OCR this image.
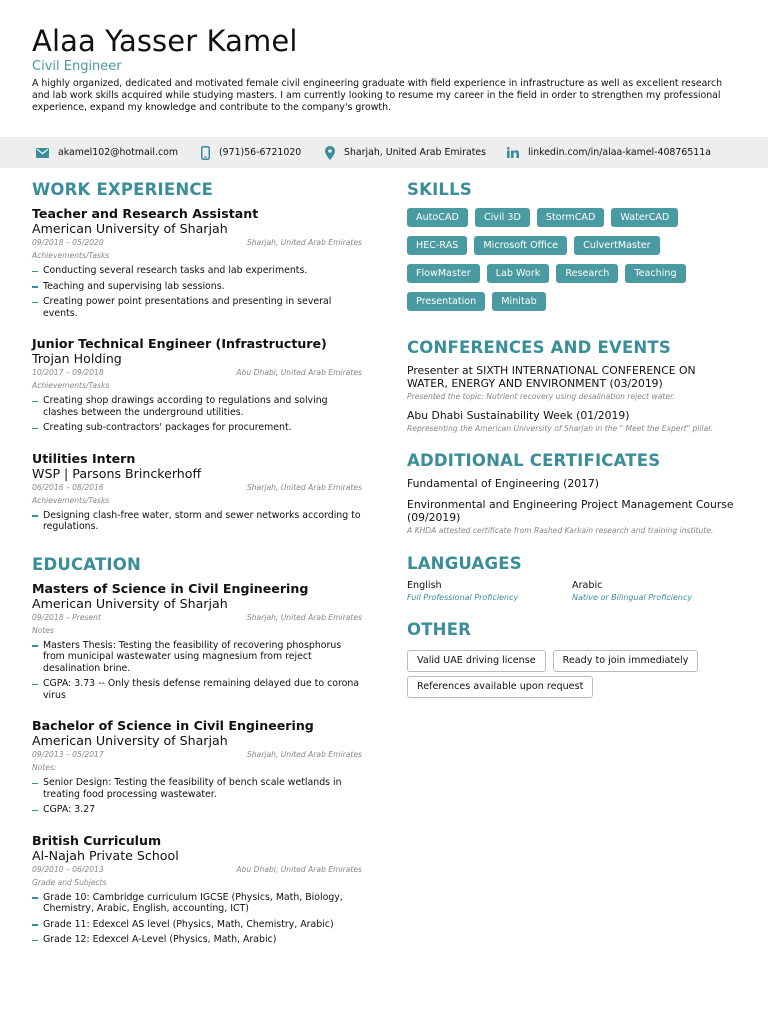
Alaa Yasser Kamel
Civil Engineer
A highly organized, dedicated and motivated female civil engineering graduate with field experience in infrastructure as well as excellent research and lab work skills acquired while studying masters. I am currently looking to resume my career in the field in order to strengthen my professional experience, expand my knowledge and contribute to the company's growth.
akamel102@hotmail.com	(971)56-6721020	Sharjah, United Arab Emirates	linkedin.com/in/alaa-kamel-40876511a
WORK EXPERIENCE
Teacher and Research Assistant
American University of Sharjah
09/2018 – 05/2020	Sharjah, United Arab Emirates
Achievements/Tasks
Conducting several research tasks and lab experiments.
Teaching and supervising lab sessions.
Creating power point presentations and presenting in several events.
Junior Technical Engineer (Infrastructure)
Trojan Holding
10/2017 – 09/2018	Abu Dhabi, United Arab Emirates
Achievements/Tasks
Creating shop drawings according to regulations and solving clashes between the underground utilities.
Creating sub-contractors' packages for procurement.
Utilities Intern
WSP | Parsons Brinckerhoff
06/2016 – 08/2016	Sharjah, United Arab Emirates
Achievements/Tasks
Designing clash-free water, storm and sewer networks according to regulations.
EDUCATION
Masters of Science in Civil Engineering
American University of Sharjah
09/2018 – Present	Sharjah, United Arab Emirates
Notes
Masters Thesis: Testing the feasibility of recovering phosphorus from municipal wastewater using magnesium from reject desalination brine.
CGPA: 3.73 -- Only thesis defense remaining delayed due to corona virus
Bachelor of Science in Civil Engineering
American University of Sharjah
09/2013 – 05/2017	Sharjah, United Arab Emirates
Notes:
Senior Design: Testing the feasibility of bench scale wetlands in treating food processing wastewater.
CGPA: 3.27
British Curriculum
Al-Najah Private School
09/2010 – 06/2013	Abu Dhabi, United Arab Emirates
Grade and Subjects
Grade 10: Cambridge curriculum IGCSE (Physics, Math, Biology, Chemistry, Arabic, English, accounting, ICT)
Grade 11: Edexcel AS level (Physics, Math, Chemistry, Arabic)
Grade 12: Edexcel A-Level (Physics, Math, Arabic)
SKILLS
AutoCAD	Civil 3D	StormCAD	WaterCAD
HEC-RAS	Microsoft Office	CulvertMaster
FlowMaster	Lab Work	Research	Teaching
Presentation	Minitab
CONFERENCES AND EVENTS
Presenter at SIXTH INTERNATIONAL CONFERENCE ON WATER, ENERGY AND ENVIRONMENT (03/2019)
Presented the topic: Nutrient recovery using desalination reject water.
Abu Dhabi Sustainability Week (01/2019)
Representing the American University of Sharjah in the " Meet the Expert" pillar.
ADDITIONAL CERTIFICATES
Fundamental of Engineering (2017)
Environmental and Engineering Project Management Course (09/2019)
A KHDA attested certificate from Rashed Karkain research and training institute.
LANGUAGES
English
Full Professional Proficiency
Arabic
Native or Bilingual Proficiency
OTHER
Valid UAE driving license	Ready to join immediately
References available upon request
